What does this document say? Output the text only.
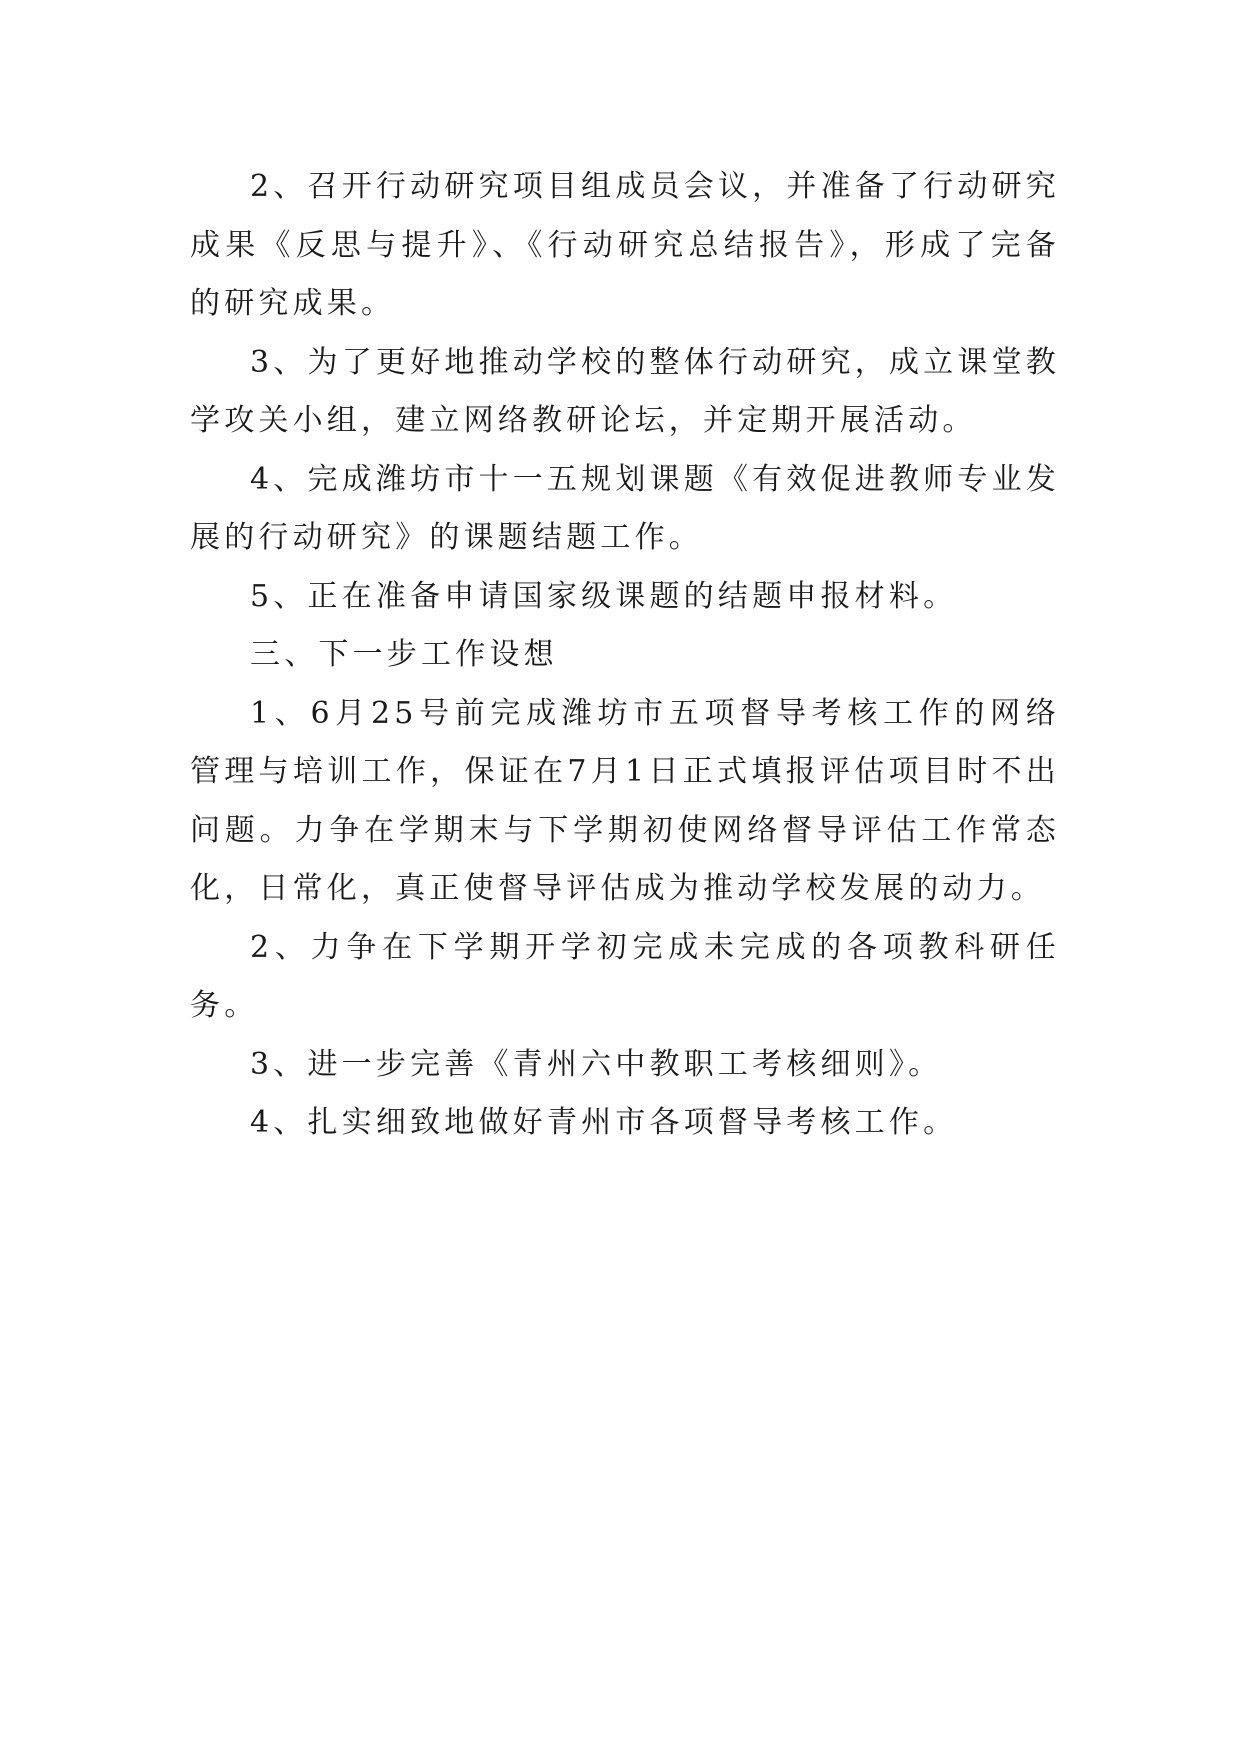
2、召开行动研究项目组成员会议，并准备了行动研究成果《反思与提升》、《行动研究总结报告》，形成了完备的研究成果。

3、为了更好地推动学校的整体行动研究，成立课堂教学攻关小组，建立网络教研论坛，并定期开展活动。

4、完成潍坊市十一五规划课题《有效促进教师专业发展的行动研究》的课题结题工作。

5、正在准备申请国家级课题的结题申报材料。

三、下一步工作设想

1、6月25号前完成潍坊市五项督导考核工作的网络管理与培训工作，保证在7月1日正式填报评估项目时不出问题。力争在学期末与下学期初使网络督导评估工作常态化，日常化，真正使督导评估成为推动学校发展的动力。

2、力争在下学期开学初完成未完成的各项教科研任务。

3、进一步完善《青州六中教职工考核细则》。

4、扎实细致地做好青州市各项督导考核工作。
